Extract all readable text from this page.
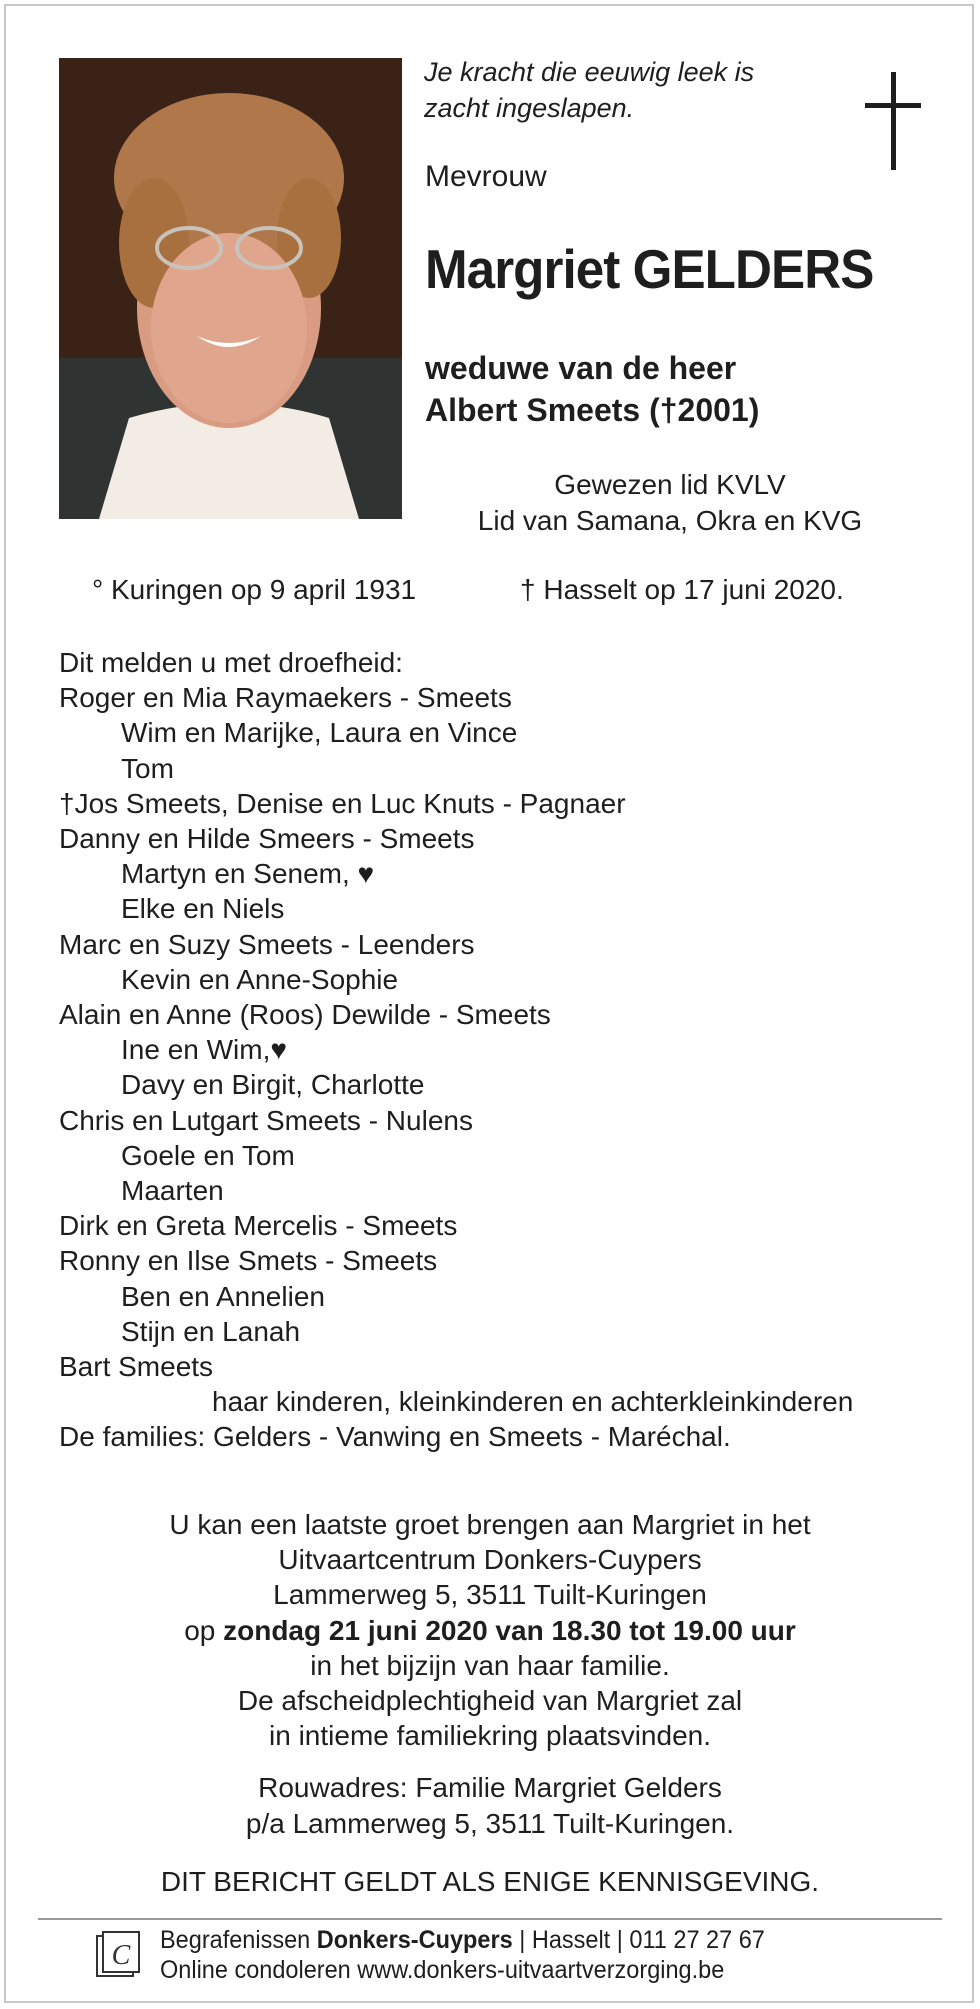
Je kracht die eeuwig leek is
zacht ingeslapen.
Mevrouw
Margriet GELDERS
weduwe van de heer
Albert Smeets (†2001)
Gewezen lid KVLV
Lid van Samana, Okra en KVG
° Kuringen op 9 april 1931	† Hasselt op 17 juni 2020.
Dit melden u met droefheid:
Roger en Mia Raymaekers - Smeets
Wim en Marijke, Laura en Vince
Tom
†Jos Smeets, Denise en Luc Knuts - Pagnaer
Danny en Hilde Smeers - Smeets
Martyn en Senem, ♥
Elke en Niels
Marc en Suzy Smeets - Leenders
Kevin en Anne-Sophie
Alain en Anne (Roos) Dewilde - Smeets
Ine en Wim,♥
Davy en Birgit, Charlotte
Chris en Lutgart Smeets - Nulens
Goele en Tom
Maarten
Dirk en Greta Mercelis - Smeets
Ronny en Ilse Smets - Smeets
Ben en Annelien
Stijn en Lanah
Bart Smeets
haar kinderen, kleinkinderen en achterkleinkinderen
De families: Gelders - Vanwing en Smeets - Maréchal.
U kan een laatste groet brengen aan Margriet in het
Uitvaartcentrum Donkers-Cuypers
Lammerweg 5, 3511 Tuilt-Kuringen
op zondag 21 juni 2020 van 18.30 tot 19.00 uur
in het bijzijn van haar familie.
De afscheidplechtigheid van Margriet zal
in intieme familiekring plaatsvinden.
Rouwadres: Familie Margriet Gelders
p/a Lammerweg 5, 3511 Tuilt-Kuringen.
DIT BERICHT GELDT ALS ENIGE KENNISGEVING.
C Begrafenissen Donkers-Cuypers | Hasselt | 011 27 27 67
Online condoleren www.donkers-uitvaartverzorging.be
